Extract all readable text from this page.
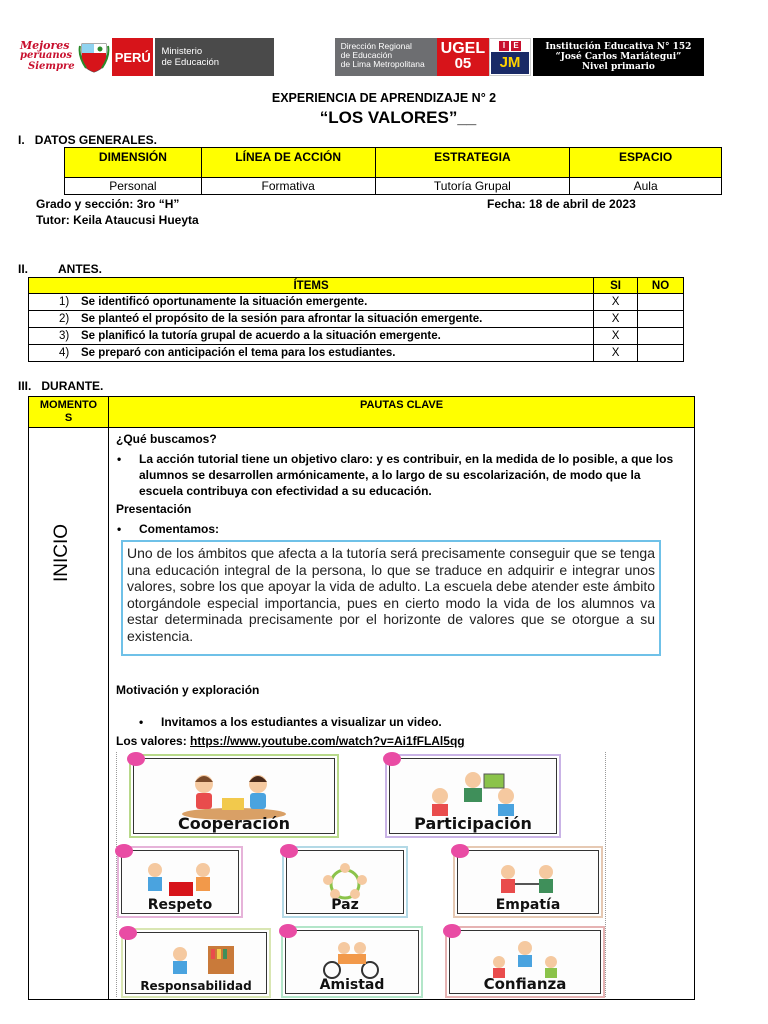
Mejores
peruanos
Siempre
PERÚ Ministerio
de Educación
Dirección Regional
de Educación
de Lima Metropolitana
UGEL
05
I	E
JM
Institución Educativa N° 152
“José Carlos Mariátegui”
Nivel primario
EXPERIENCIA DE APRENDIZAJE N° 2
“LOS VALORES”__
I. DATOS GENERALES.
DIMENSIÓN	LÍNEA DE ACCIÓN	ESTRATEGIA	ESPACIO
Personal	Formativa	Tutoría Grupal	Aula
Grado y sección: 3ro “H”	Fecha: 18 de abril de 2023
Tutor: Keila Ataucusi Hueyta
II.	ANTES.
ÍTEMS	SI	NO
1) Se identificó oportunamente la situación emergente.	X	
2) Se planteó el propósito de la sesión para afrontar la situación emergente.	X	
3) Se planificó la tutoría grupal de acuerdo a la situación emergente.	X	
4) Se preparó con anticipación el tema para los estudiantes.	X	
III. DURANTE.
MOMENTO
S
PAUTAS CLAVE
INICIO
¿Qué buscamos?
• La acción tutorial tiene un objetivo claro: y es contribuir, en la medida de lo posible, a que los
alumnos se desarrollen armónicamente, a lo largo de su escolarización, de modo que la
escuela contribuya con efectividad a su educación.
Presentación
• Comentamos:
Uno de los ámbitos que afecta a la tutoría será precisamente conseguir que se tenga una educación integral de la persona, lo que se traduce en adquirir e integrar unos valores, sobre los que apoyar la vida de adulto. La escuela debe atender este ámbito otorgándole especial importancia, pues en cierto modo la vida de los alumnos va estar determinada precisamente por el horizonte de valores que se otorgue a su existencia.
Motivación y exploración
• Invitamos a los estudiantes a visualizar un video.
Los valores: https://www.youtube.com/watch?v=Ai1fFLAl5qg
Cooperación	Participación
Respeto	Paz	Empatía
Responsabilidad	Amistad	Confianza
